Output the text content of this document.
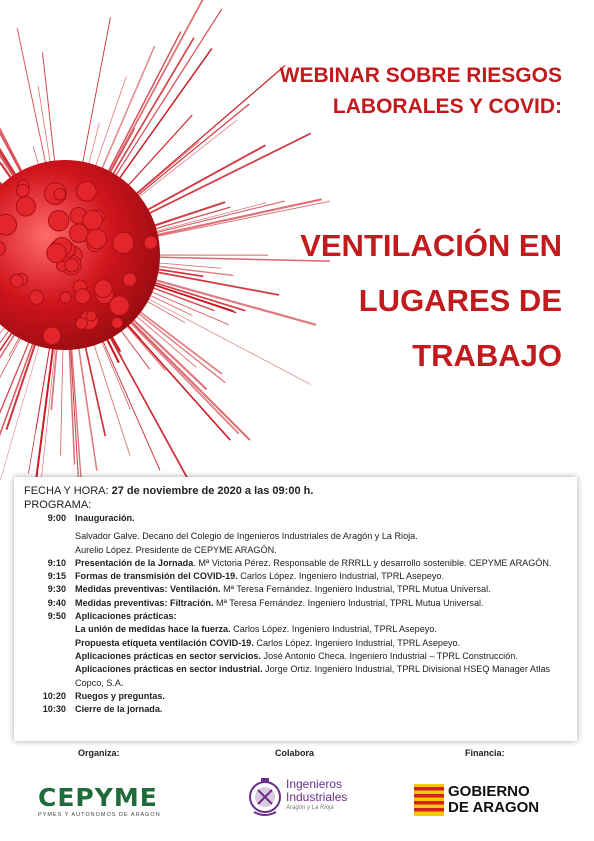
WEBINAR SOBRE RIESGOS
LABORALES Y COVID:
VENTILACIÓN EN
LUGARES DE
TRABAJO
FECHA Y HORA: 27 de noviembre de 2020 a las 09:00 h.
PROGRAMA:
9:00 Inauguración.
Salvador Galve. Decano del Colegio de Ingenieros Industriales de Aragón y La Rioja.
Aurelio López. Presidente de CEPYME ARAGÓN.
9:10 Presentación de la Jornada. Mª Victoria Pérez. Responsable de RRRLL y desarrollo sostenible. CEPYME ARAGÓN.
9:15 Formas de transmisión del COVID-19. Carlos López. Ingeniero Industrial, TPRL Asepeyo.
9:30 Medidas preventivas: Ventilación. Mª Teresa Fernández. Ingeniero Industrial, TPRL Mutua Universal.
9:40 Medidas preventivas: Filtración. Mª Teresa Fernández. Ingeniero Industrial, TPRL Mutua Universal.
9:50 Aplicaciones prácticas:
La unión de medidas hace la fuerza. Carlos López. Ingeniero Industrial, TPRL Asepeyo.
Propuesta etiqueta ventilación COVID-19. Carlos López. Ingeniero Industrial, TPRL Asepeyo.
Aplicaciones prácticas en sector servicios. José Antonio Checa. Ingeniero Industrial – TPRL Construcción.
Aplicaciones prácticas en sector industrial. Jorge Ortiz. Ingeniero Industrial, TPRL Divisional HSEQ Manager Atlas Copco, S.A.
10:20 Ruegos y preguntas.
10:30 Cierre de la jornada.
Organiza:	Colabora	Financia:
CEPYME
PYMES Y AUTONOMOS DE ARAGON
Ingenieros
Industriales
Aragón y La Rioja
GOBIERNO
DE ARAGON
